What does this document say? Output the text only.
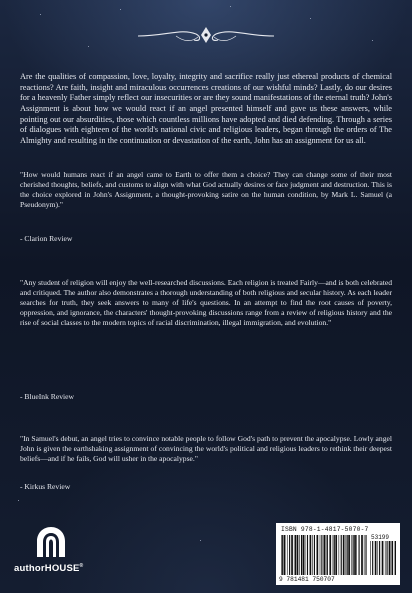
Are the qualities of compassion, love, loyalty, integrity and sacrifice really just ethereal products of chemical reactions? Are faith, insight and miraculous occurrences creations of our wishful minds? Lastly, do our desires for a heavenly Father simply reflect our insecurities or are they sound manifestations of the eternal truth? John's Assignment is about how we would react if an angel presented himself and gave us these answers, while pointing out our absurdities, those which countless millions have adopted and died defending. Through a series of dialogues with eighteen of the world's national civic and religious leaders, began through the orders of The Almighty and resulting in the continuation or devastation of the earth, John has an assignment for us all.

"How would humans react if an angel came to Earth to offer them a choice? They can change some of their most cherished thoughts, beliefs, and customs to align with what God actually desires or face judgment and destruction. This is the choice explored in John's Assignment, a thought-provoking satire on the human condition, by Mark L. Samuel (a Pseudonym)."

- Clarion Review

"Any student of religion will enjoy the well-researched discussions. Each religion is treated Fairly—and is both celebrated and critiqued. The author also demonstrates a thorough understanding of both religious and secular history. As each leader searches for truth, they seek answers to many of life's questions. In an attempt to find the root causes of poverty, oppression, and ignorance, the characters' thought-provoking discussions range from a review of religious history and the rise of social classes to the modern topics of racial discrimination, illegal immigration, and evolution."

- BlueInk Review

"In Samuel's debut, an angel tries to convince notable people to follow God's path to prevent the apocalypse. Lowly angel John is given the earthshaking assignment of convincing the world's political and religious leaders to rethink their deepest beliefs—and if he fails, God will usher in the apocalypse."

- Kirkus Review

authorHOUSE®
ISBN 978-1-4817-5070-7
53199
9 781481 750707
